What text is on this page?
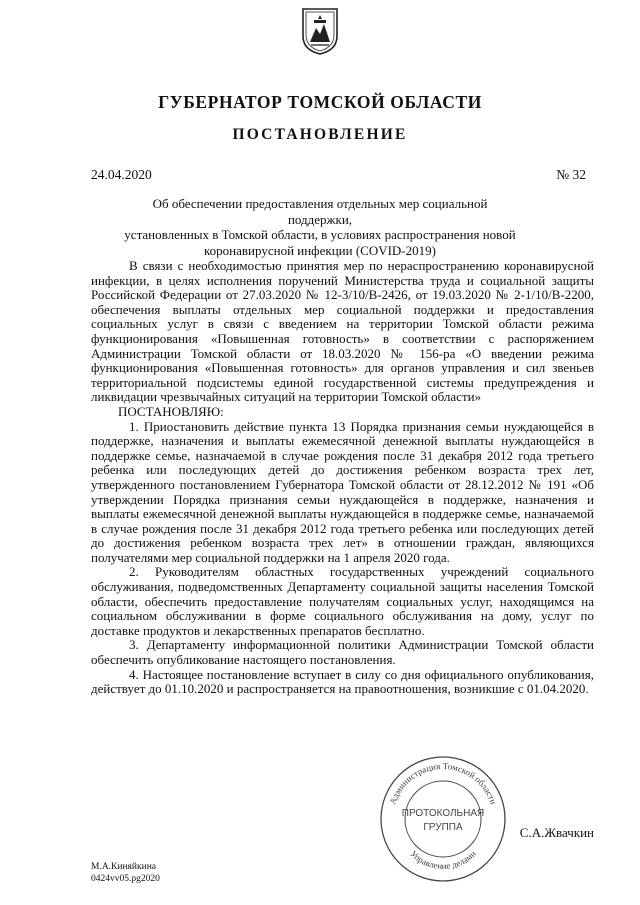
ГУБЕРНАТОР ТОМСКОЙ ОБЛАСТИ
ПОСТАНОВЛЕНИЕ
24.04.2020	№ 32
Об обеспечении предоставления отдельных мер социальной поддержки,
установленных в Томской области, в условиях распространения новой
коронавирусной инфекции (COVID-2019)

В связи с необходимостью принятия мер по нераспространению коронавирусной инфекции, в целях исполнения поручений Министерства труда и социальной защиты Российской Федерации от 27.03.2020 № 12-3/10/В-2426, от 19.03.2020 № 2-1/10/В-2200, обеспечения выплаты отдельных мер социальной поддержки и предоставления социальных услуг в связи с введением на территории Томской области режима функционирования «Повышенная готовность» в соответствии с распоряжением Администрации Томской области от 18.03.2020 № 156-ра «О введении режима функционирования «Повышенная готовность» для органов управления и сил звеньев территориальной подсистемы единой государственной системы предупреждения и ликвидации чрезвычайных ситуаций на территории Томской области»

ПОСТАНОВЛЯЮ:

1. Приостановить действие пункта 13 Порядка признания семьи нуждающейся в поддержке, назначения и выплаты ежемесячной денежной выплаты нуждающейся в поддержке семье, назначаемой в случае рождения после 31 декабря 2012 года третьего ребенка или последующих детей до достижения ребенком возраста трех лет, утвержденного постановлением Губернатора Томской области от 28.12.2012 № 191 «Об утверждении Порядка признания семьи нуждающейся в поддержке, назначения и выплаты ежемесячной денежной выплаты нуждающейся в поддержке семье, назначаемой в случае рождения после 31 декабря 2012 года третьего ребенка или последующих детей до достижения ребенком возраста трех лет» в отношении граждан, являющихся получателями мер социальной поддержки на 1 апреля 2020 года.

2. Руководителям областных государственных учреждений социального обслуживания, подведомственных Департаменту социальной защиты населения Томской области, обеспечить предоставление получателям социальных услуг, находящимся на социальном обслуживании в форме социального обслуживания на дому, услуг по доставке продуктов и лекарственных препаратов бесплатно.

3. Департаменту информационной политики Администрации Томской области обеспечить опубликование настоящего постановления.

4. Настоящее постановление вступает в силу со дня официального опубликования, действует до 01.10.2020 и распространяется на правоотношения, возникшие с 01.04.2020.

Администрация Томской области
Управление делами
ПРОТОКОЛЬНАЯ
ГРУППА	С.А.Жвачкин
М.А.Киняйкина
0424vv05.pg2020
